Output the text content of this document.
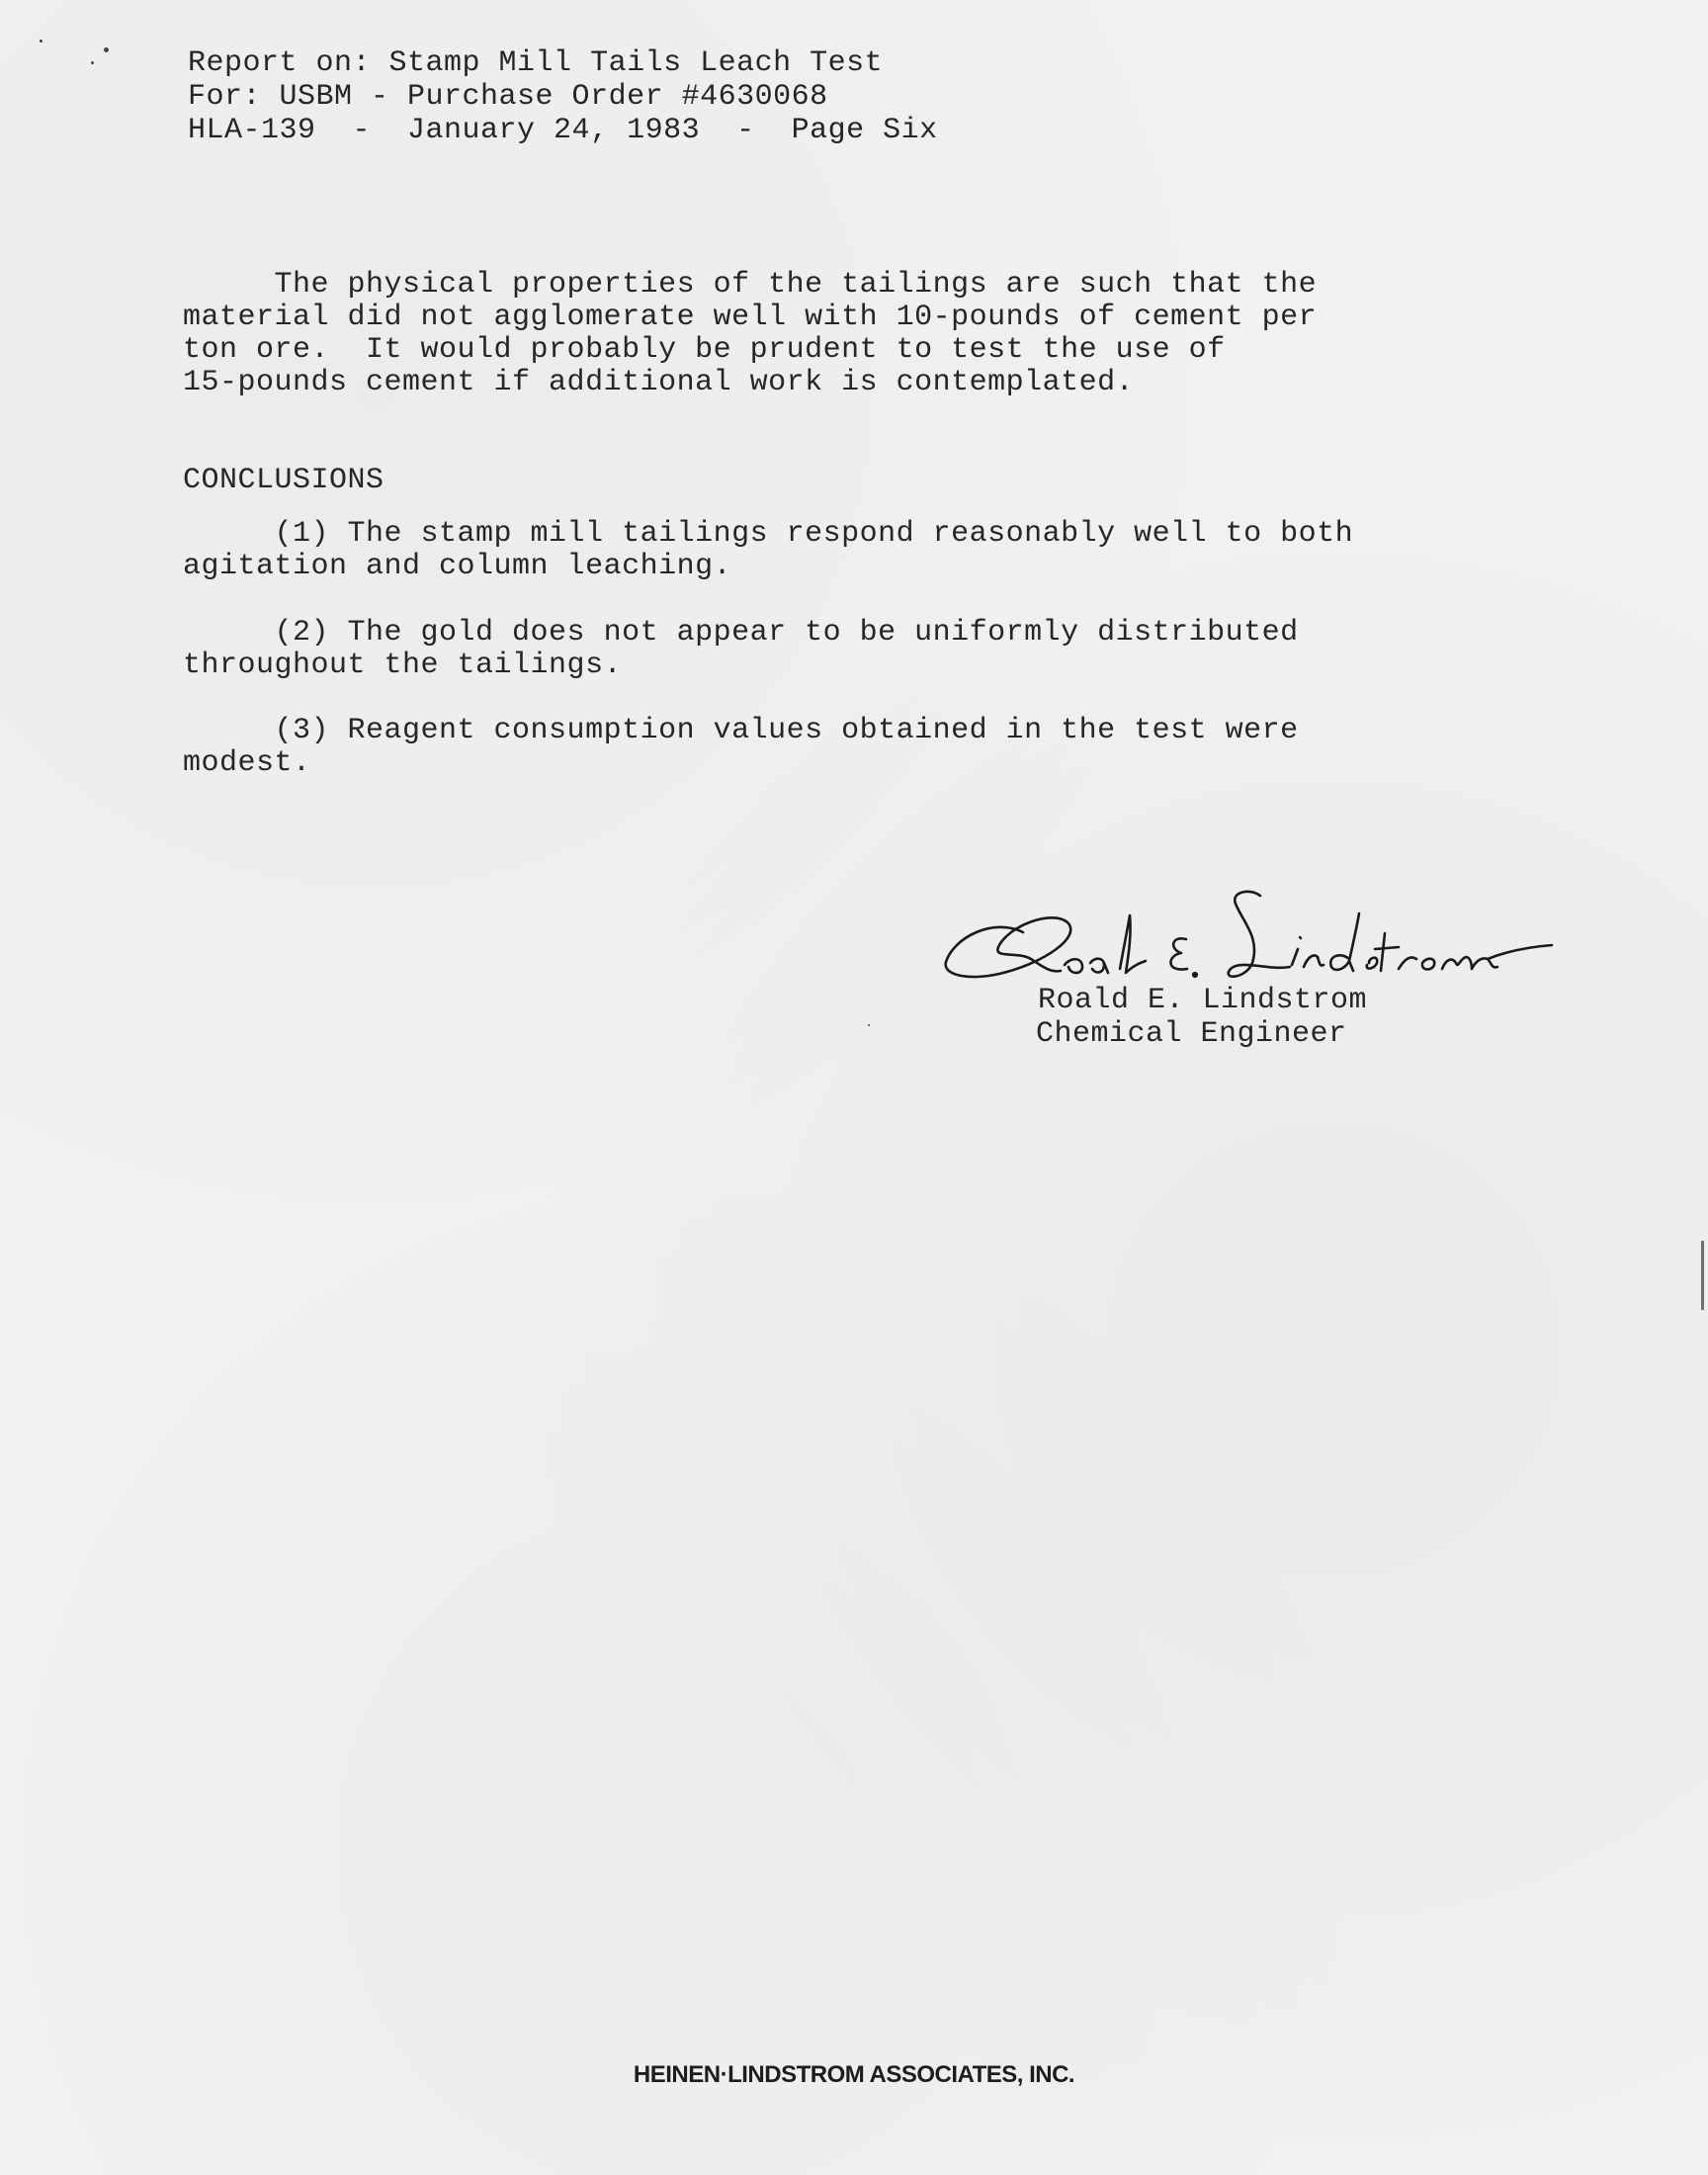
Report on: Stamp Mill Tails Leach Test
For: USBM - Purchase Order #4630068
HLA-139  -  January 24, 1983  -  Page Six
The physical properties of the tailings are such that the
material did not agglomerate well with 10-pounds of cement per
ton ore.  It would probably be prudent to test the use of
15-pounds cement if additional work is contemplated.
CONCLUSIONS
(1) The stamp mill tailings respond reasonably well to both
agitation and column leaching.
(2) The gold does not appear to be uniformly distributed
throughout the tailings.
(3) Reagent consumption values obtained in the test were
modest.
Roald E. Lindstrom
Chemical Engineer
HEINEN·LINDSTROM ASSOCIATES, INC.
